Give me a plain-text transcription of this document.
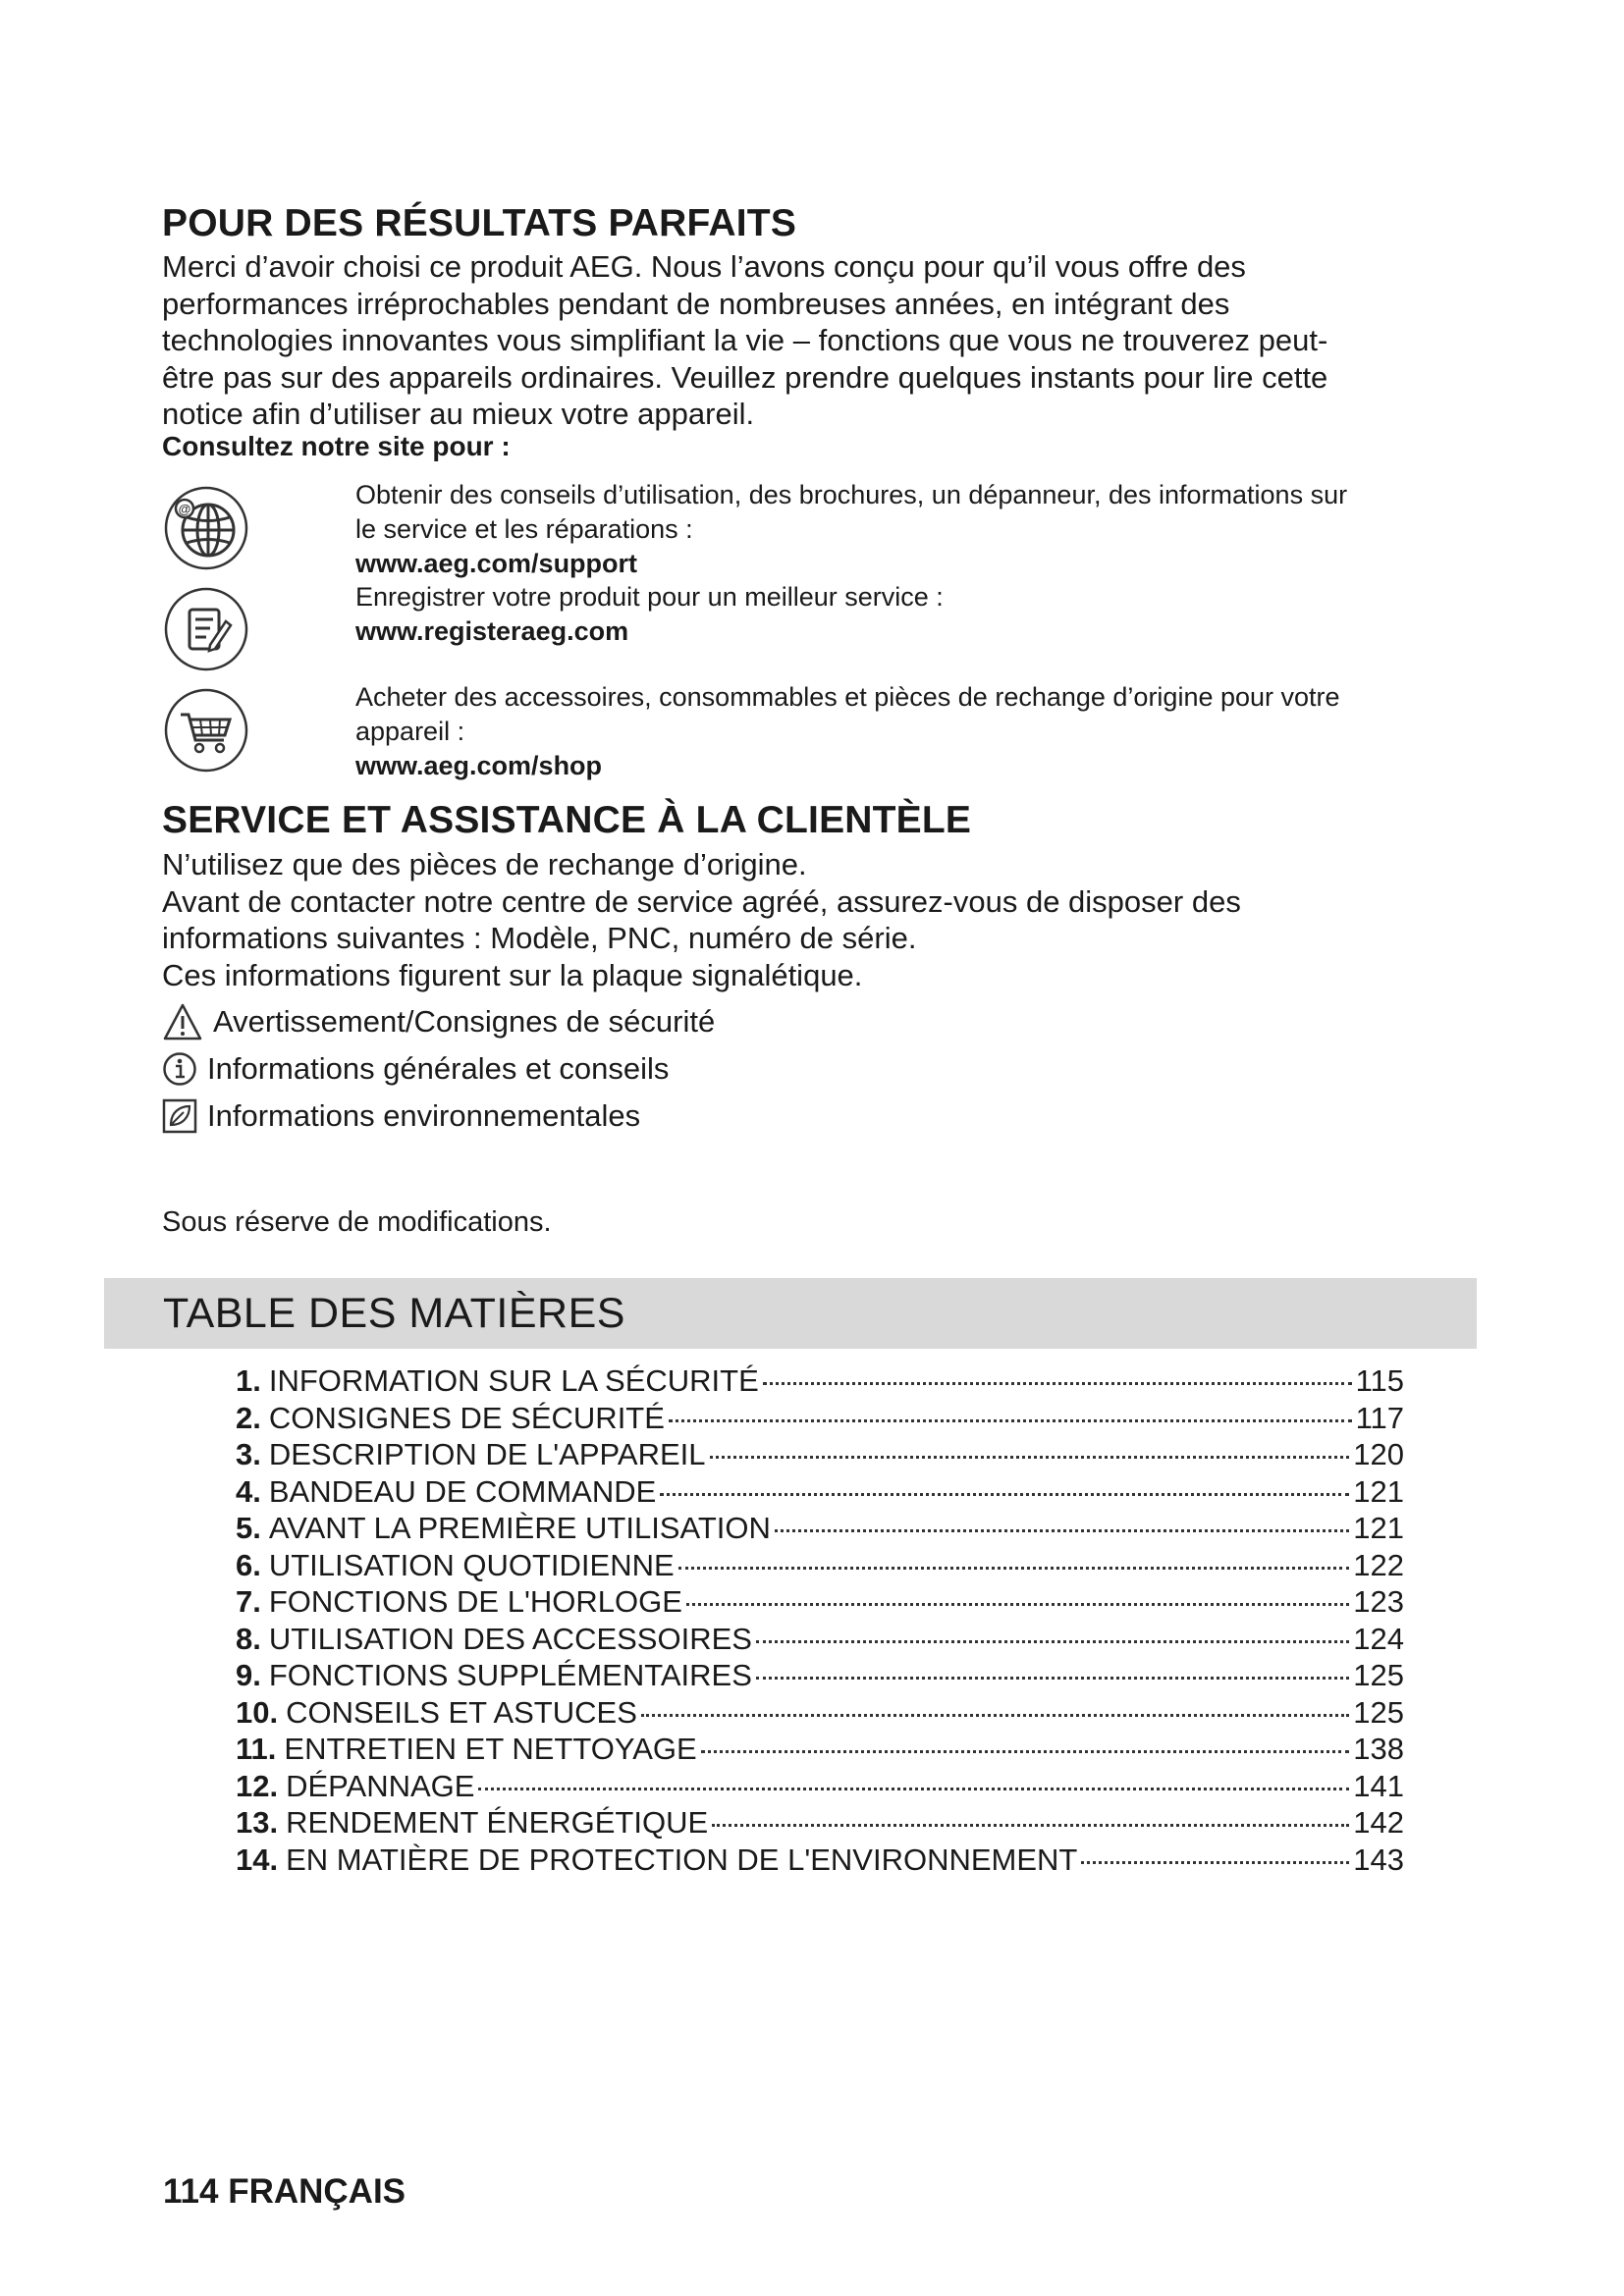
POUR DES RÉSULTATS PARFAITS
Merci d’avoir choisi ce produit AEG. Nous l’avons conçu pour qu’il vous offre des
performances irréprochables pendant de nombreuses années, en intégrant des
technologies innovantes vous simplifiant la vie – fonctions que vous ne trouverez peut-
être pas sur des appareils ordinaires. Veuillez prendre quelques instants pour lire cette
notice afin d’utiliser au mieux votre appareil.

Consultez notre site pour :

@	Obtenir des conseils d’utilisation, des brochures, un dépanneur, des informations sur

le service et les réparations :

www.aeg.com/support

Enregistrer votre produit pour un meilleur service :

www.registeraeg.com

Acheter des accessoires, consommables et pièces de rechange d’origine pour votre

appareil :

www.aeg.com/shop

SERVICE ET ASSISTANCE À LA CLIENTÈLE
N’utilisez que des pièces de rechange d’origine.
Avant de contacter notre centre de service agréé, assurez-vous de disposer des
informations suivantes : Modèle, PNC, numéro de série.
Ces informations figurent sur la plaque signalétique.
Avertissement/Consignes de sécurité
Informations générales et conseils
Informations environnementales

Sous réserve de modifications.

TABLE DES MATIÈRES
1. INFORMATION SUR LA SÉCURITÉ	115
2. CONSIGNES DE SÉCURITÉ	117
3. DESCRIPTION DE L'APPAREIL	120
4. BANDEAU DE COMMANDE	121
5. AVANT LA PREMIÈRE UTILISATION	121
6. UTILISATION QUOTIDIENNE	122
7. FONCTIONS DE L'HORLOGE	123
8. UTILISATION DES ACCESSOIRES	124
9. FONCTIONS SUPPLÉMENTAIRES	125
10. CONSEILS ET ASTUCES	125
11. ENTRETIEN ET NETTOYAGE	138
12. DÉPANNAGE	141
13. RENDEMENT ÉNERGÉTIQUE	142
14. EN MATIÈRE DE PROTECTION DE L'ENVIRONNEMENT	143

114 FRANÇAIS
